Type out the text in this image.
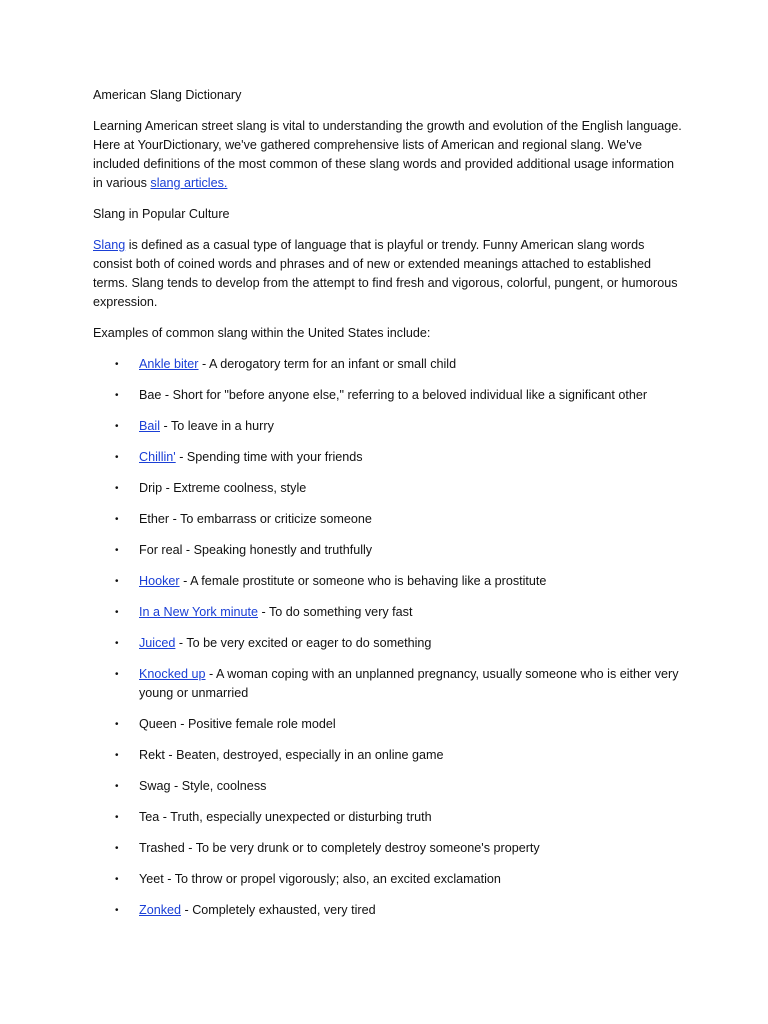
American Slang Dictionary

Learning American street slang is vital to understanding the growth and evolution of the English language. Here at YourDictionary, we've gathered comprehensive lists of American and regional slang. We've included definitions of the most common of these slang words and provided additional usage information in various slang articles.

Slang in Popular Culture

Slang is defined as a casual type of language that is playful or trendy. Funny American slang words consist both of coined words and phrases and of new or extended meanings attached to established terms. Slang tends to develop from the attempt to find fresh and vigorous, colorful, pungent, or humorous expression.

Examples of common slang within the United States include:

• Ankle biter - A derogatory term for an infant or small child
• Bae - Short for "before anyone else," referring to a beloved individual like a significant other
• Bail - To leave in a hurry
• Chillin' - Spending time with your friends
• Drip - Extreme coolness, style
• Ether - To embarrass or criticize someone
• For real - Speaking honestly and truthfully
• Hooker - A female prostitute or someone who is behaving like a prostitute
• In a New York minute - To do something very fast
• Juiced - To be very excited or eager to do something
• Knocked up - A woman coping with an unplanned pregnancy, usually someone who is either very young or unmarried
• Queen - Positive female role model
• Rekt - Beaten, destroyed, especially in an online game
• Swag - Style, coolness
• Tea - Truth, especially unexpected or disturbing truth
• Trashed - To be very drunk or to completely destroy someone's property
• Yeet - To throw or propel vigorously; also, an excited exclamation
• Zonked - Completely exhausted, very tired
